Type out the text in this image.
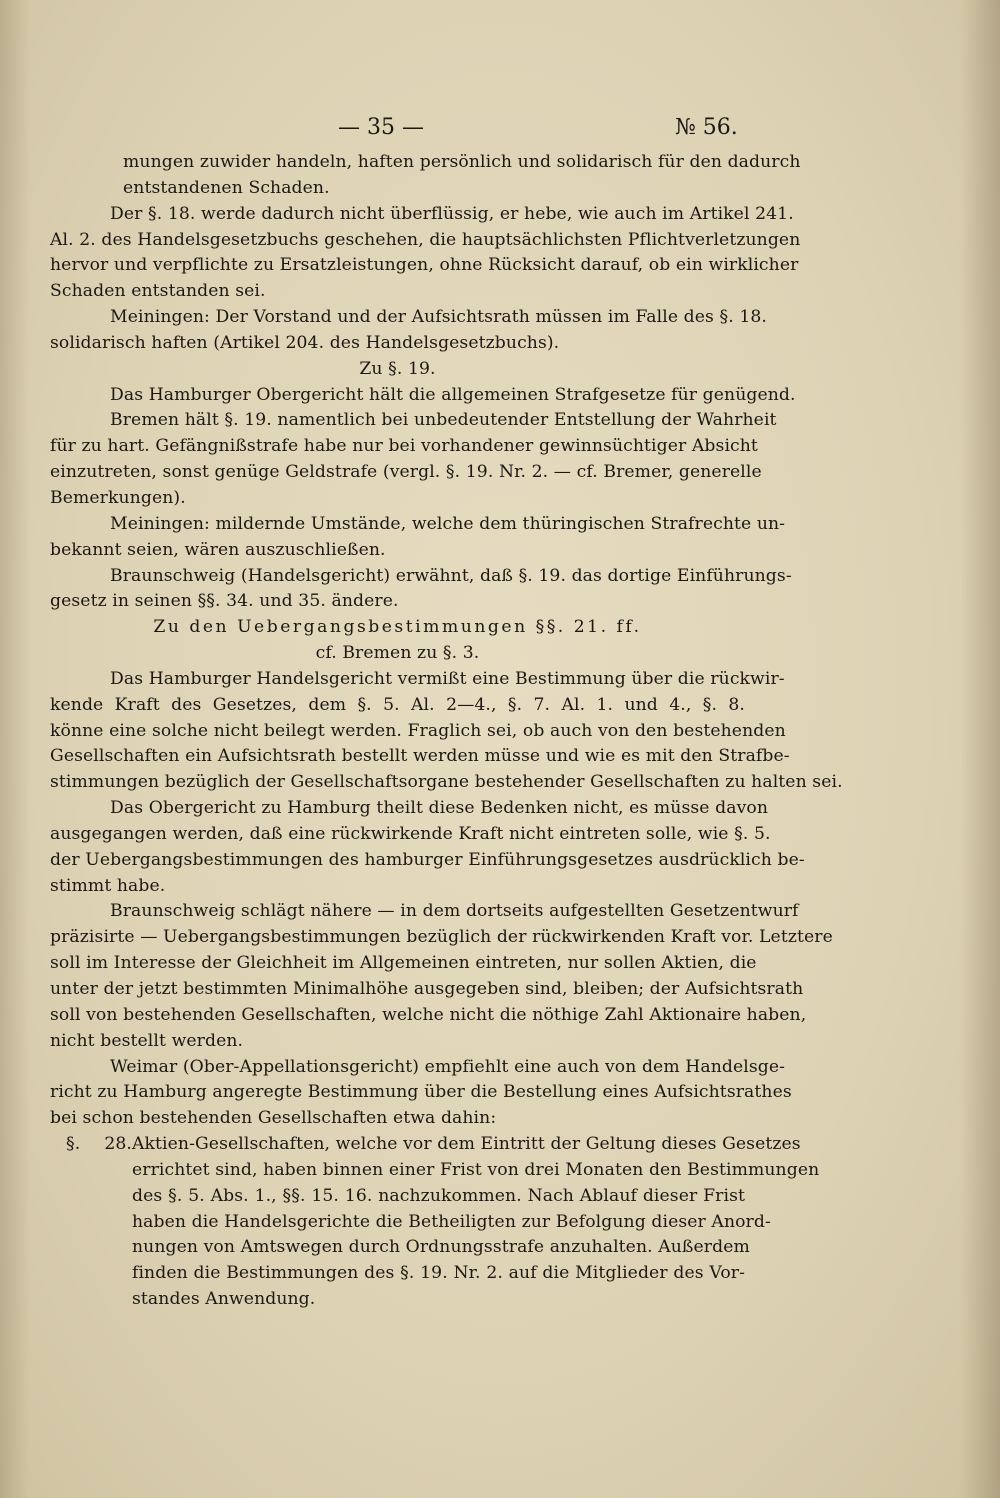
— 35 —	№ 56.
mungen zuwider handeln, haften persönlich und solidarisch für den dadurch
entstandenen Schaden.
Der §. 18. werde dadurch nicht überflüssig, er hebe, wie auch im Artikel 241.
Al. 2. des Handelsgesetzbuchs geschehen, die hauptsächlichsten Pflichtverletzungen
hervor und verpflichte zu Ersatzleistungen, ohne Rücksicht darauf, ob ein wirklicher
Schaden entstanden sei.
Meiningen: Der Vorstand und der Aufsichtsrath müssen im Falle des §. 18.
solidarisch haften (Artikel 204. des Handelsgesetzbuchs).
Zu §. 19.
Das Hamburger Obergericht hält die allgemeinen Strafgesetze für genügend.
Bremen hält §. 19. namentlich bei unbedeutender Entstellung der Wahrheit
für zu hart. Gefängnißstrafe habe nur bei vorhandener gewinnsüchtiger Absicht
einzutreten, sonst genüge Geldstrafe (vergl. §. 19. Nr. 2. — cf. Bremer, generelle
Bemerkungen).
Meiningen: mildernde Umstände, welche dem thüringischen Strafrechte un-
bekannt seien, wären auszuschließen.
Braunschweig (Handelsgericht) erwähnt, daß §. 19. das dortige Einführungs-
gesetz in seinen §§. 34. und 35. ändere.
Zu den Uebergangsbestimmungen §§. 21. ff.
cf. Bremen zu §. 3.
Das Hamburger Handelsgericht vermißt eine Bestimmung über die rückwir-
kende Kraft des Gesetzes, dem §. 5. Al. 2—4., §. 7. Al. 1. und 4., §. 8.
könne eine solche nicht beilegt werden. Fraglich sei, ob auch von den bestehenden
Gesellschaften ein Aufsichtsrath bestellt werden müsse und wie es mit den Strafbe-
stimmungen bezüglich der Gesellschaftsorgane bestehender Gesellschaften zu halten sei.
Das Obergericht zu Hamburg theilt diese Bedenken nicht, es müsse davon
ausgegangen werden, daß eine rückwirkende Kraft nicht eintreten solle, wie §. 5.
der Uebergangsbestimmungen des hamburger Einführungsgesetzes ausdrücklich be-
stimmt habe.
Braunschweig schlägt nähere — in dem dortseits aufgestellten Gesetzentwurf
präzisirte — Uebergangsbestimmungen bezüglich der rückwirkenden Kraft vor. Letztere
soll im Interesse der Gleichheit im Allgemeinen eintreten, nur sollen Aktien, die
unter der jetzt bestimmten Minimalhöhe ausgegeben sind, bleiben; der Aufsichtsrath
soll von bestehenden Gesellschaften, welche nicht die nöthige Zahl Aktionaire haben,
nicht bestellt werden.
Weimar (Ober-Appellationsgericht) empfiehlt eine auch von dem Handelsge-
richt zu Hamburg angeregte Bestimmung über die Bestellung eines Aufsichtsrathes
bei schon bestehenden Gesellschaften etwa dahin:
§. 28.Aktien-Gesellschaften, welche vor dem Eintritt der Geltung dieses Gesetzes
errichtet sind, haben binnen einer Frist von drei Monaten den Bestimmungen
des §. 5. Abs. 1., §§. 15. 16. nachzukommen. Nach Ablauf dieser Frist
haben die Handelsgerichte die Betheiligten zur Befolgung dieser Anord-
nungen von Amtswegen durch Ordnungsstrafe anzuhalten. Außerdem
finden die Bestimmungen des §. 19. Nr. 2. auf die Mitglieder des Vor-
standes Anwendung.
